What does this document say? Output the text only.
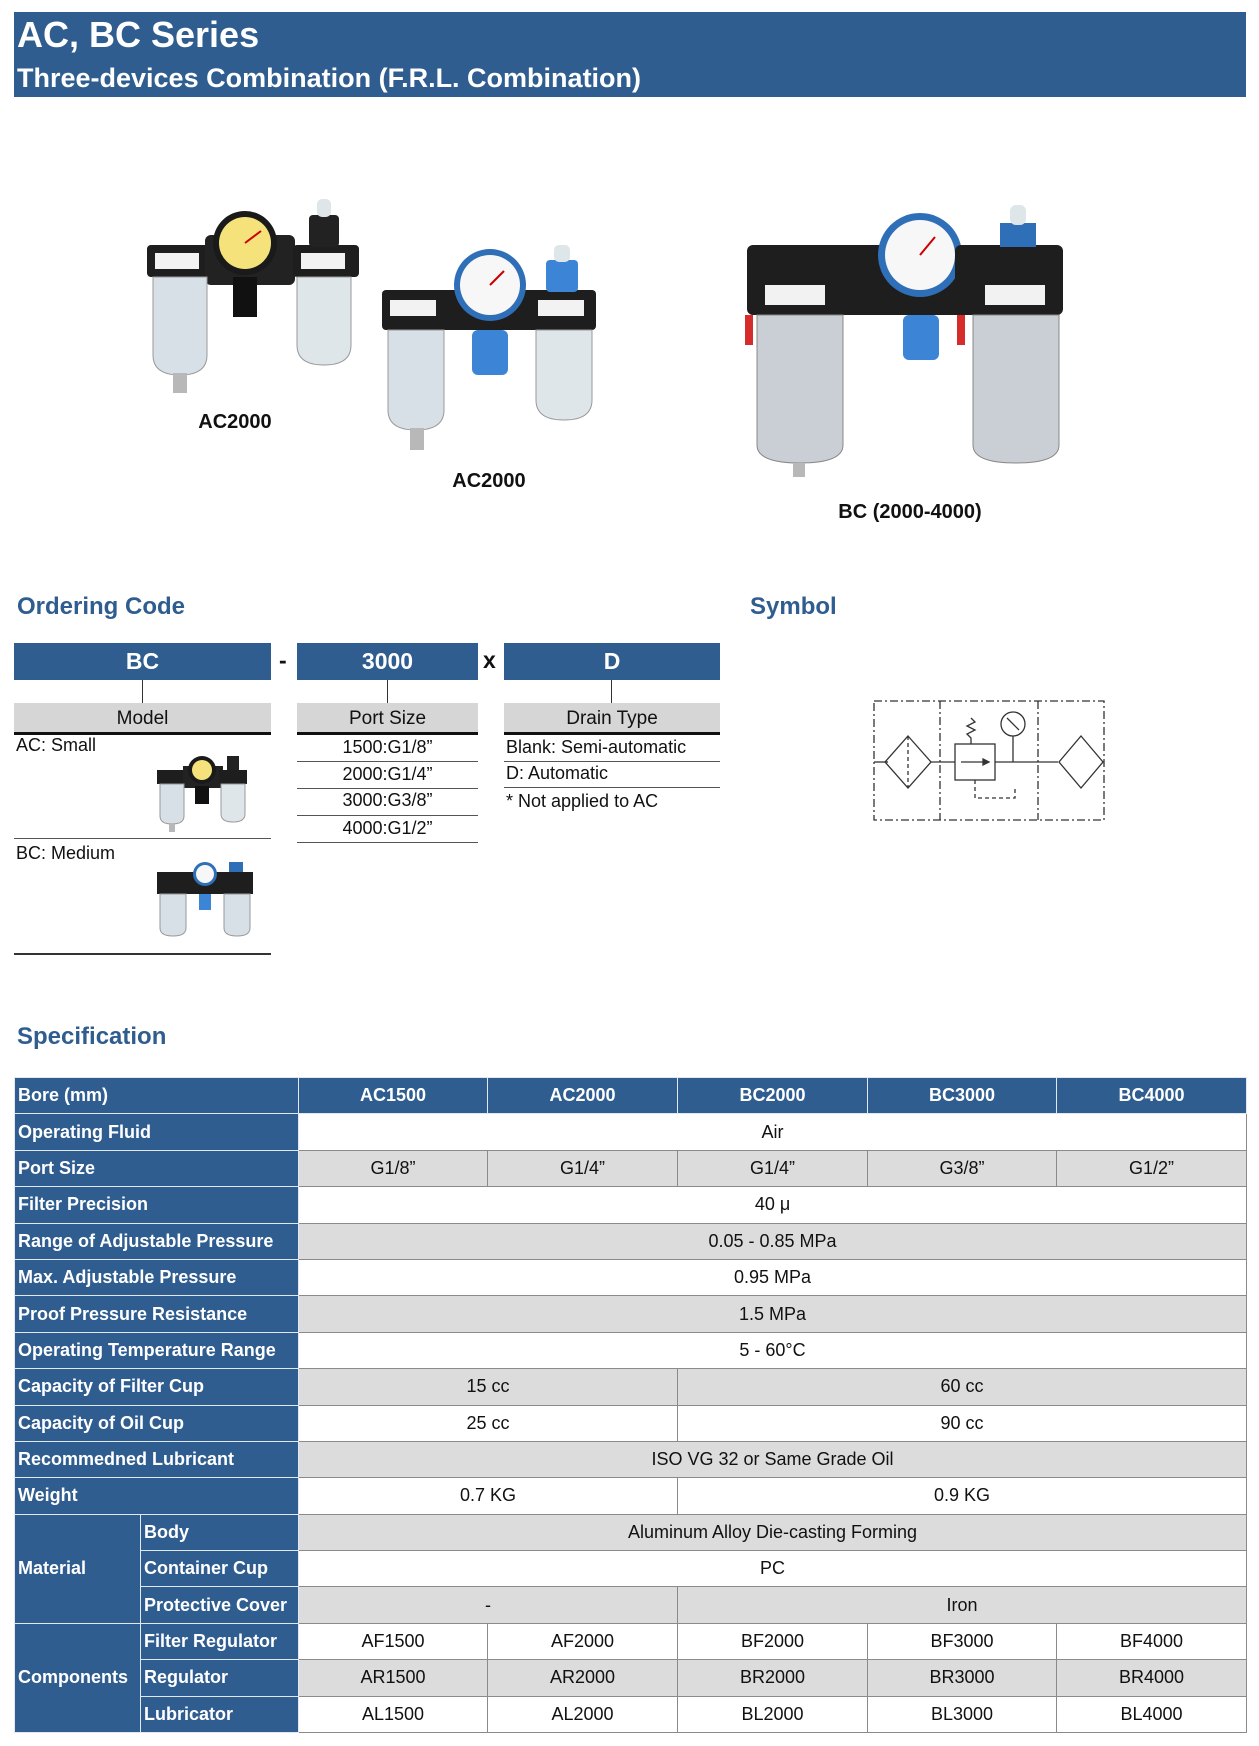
AC, BC Series
Three-devices Combination (F.R.L. Combination)
AC2000
AC2000
BC (2000-4000)
Ordering Code
BC	-	3000	x	D
Model
AC: Small
BC: Medium
Port Size
1500:G1/8”
2000:G1/4”
3000:G3/8”
4000:G1/2”
Drain Type
Blank: Semi-automatic
D: Automatic
* Not applied to AC
Symbol
Specification
Bore (mm)		AC1500	AC2000	BC2000	BC3000	BC4000
Operating Fluid		Air				
Port Size		G1/8”	G1/4”	G1/4”	G3/8”	G1/2”
Filter Precision		40 μ				
Range of Adjustable Pressure		0.05 - 0.85 MPa				
Max. Adjustable Pressure		0.95 MPa				
Proof Pressure Resistance		1.5 MPa				
Operating Temperature Range		5 - 60°C				
Capacity of Filter Cup		15 cc		60 cc		
Capacity of Oil Cup		25 cc		90 cc		
Recommedned Lubricant		ISO VG 32 or Same Grade Oil				
Weight		0.7 KG		0.9 KG		
Material	Body	Aluminum Alloy Die-casting Forming				
	Container Cup	PC				
	Protective Cover	-		Iron		
Components	Filter Regulator	AF1500	AF2000	BF2000	BF3000	BF4000
	Regulator	AR1500	AR2000	BR2000	BR3000	BR4000
	Lubricator	AL1500	AL2000	BL2000	BL3000	BL4000
